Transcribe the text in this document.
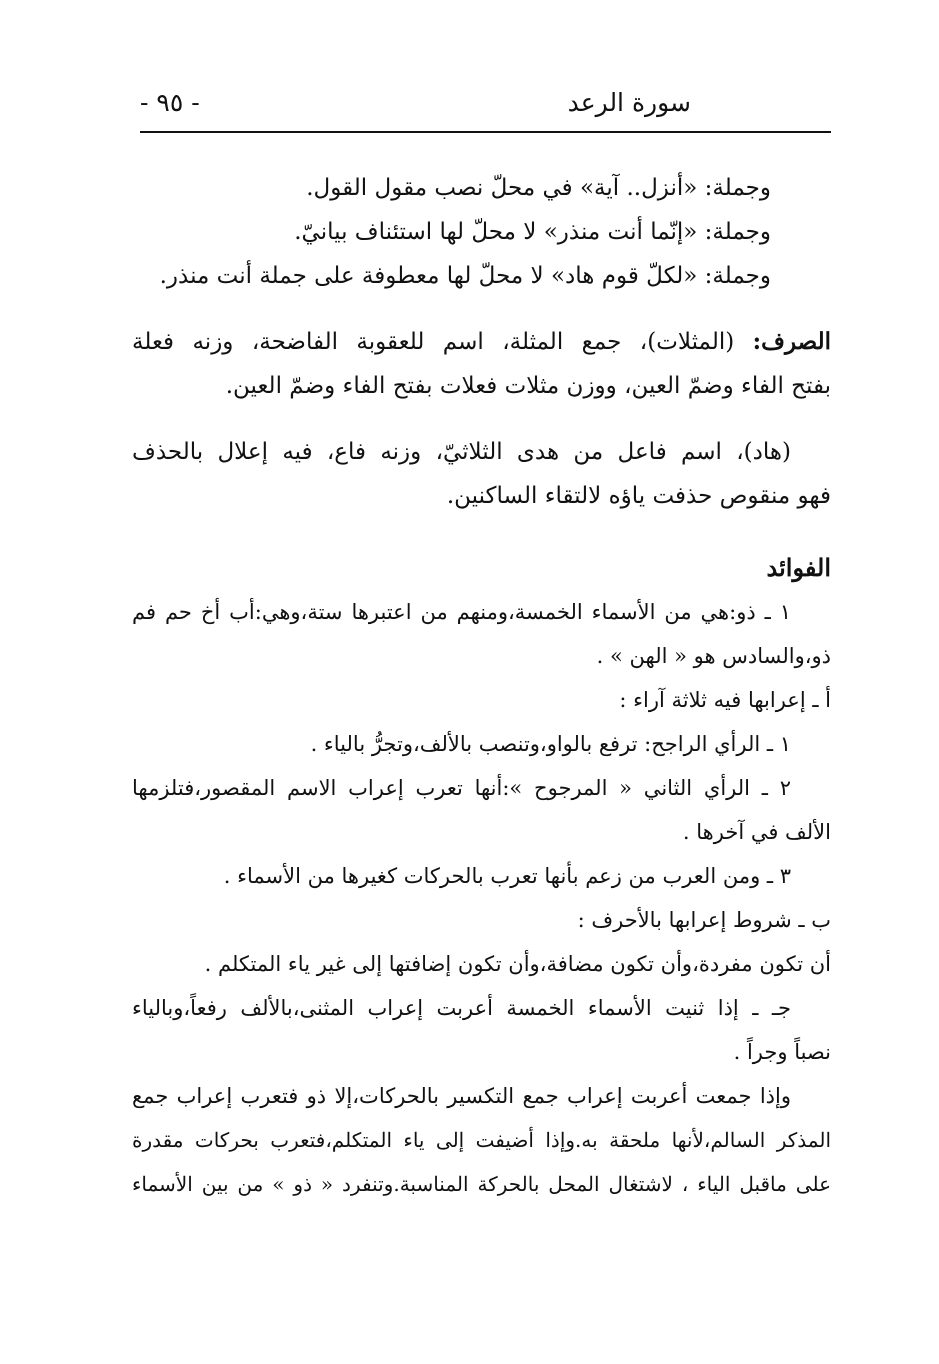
سورة الرعد
- ٩٥ -
وجملة: «أنزل.. آية» في محلّ نصب مقول القول.
وجملة: «إنّما أنت منذر» لا محلّ لها استئناف بيانيّ.
وجملة: «لكلّ قوم هاد» لا محلّ لها معطوفة على جملة أنت منذر.
الصرف: (المثلات)، جمع المثلة، اسم للعقوبة الفاضحة، وزنه فعلة
بفتح الفاء وضمّ العين، ووزن مثلات فعلات بفتح الفاء وضمّ العين.
(هاد)، اسم فاعل من هدى الثلاثيّ، وزنه فاع، فيه إعلال بالحذف
فهو منقوص حذفت ياؤه لالتقاء الساكنين.
الفوائد
١ ـ ذو:هي من الأسماء الخمسة،ومنهم من اعتبرها ستة،وهي:أب أخ حم فم
ذو،والسادس هو « الهن » .
أ ـ إعرابها فيه ثلاثة آراء :
١ ـ الرأي الراجح: ترفع بالواو،وتنصب بالألف،وتجرُّ بالياء .
٢ ـ الرأي الثاني « المرجوح »:أنها تعرب إعراب الاسم المقصور،فتلزمها
الألف في آخرها .
٣ ـ ومن العرب من زعم بأنها تعرب بالحركات كغيرها من الأسماء .
ب ـ شروط إعرابها بالأحرف :
أن تكون مفردة،وأن تكون مضافة،وأن تكون إضافتها إلى غير ياء المتكلم .
جـ ـ إذا ثنيت الأسماء الخمسة أعربت إعراب المثنى،بالألف رفعاً،وبالياء
نصباً وجراً .
وإذا جمعت أعربت إعراب جمع التكسير بالحركات،إلا ذو فتعرب إعراب جمع
المذكر السالم،لأنها ملحقة به.وإذا أضيفت إلى ياء المتكلم،فتعرب بحركات مقدرة
على ماقبل الياء ، لاشتغال المحل بالحركة المناسبة.وتنفرد « ذو » من بين الأسماء
